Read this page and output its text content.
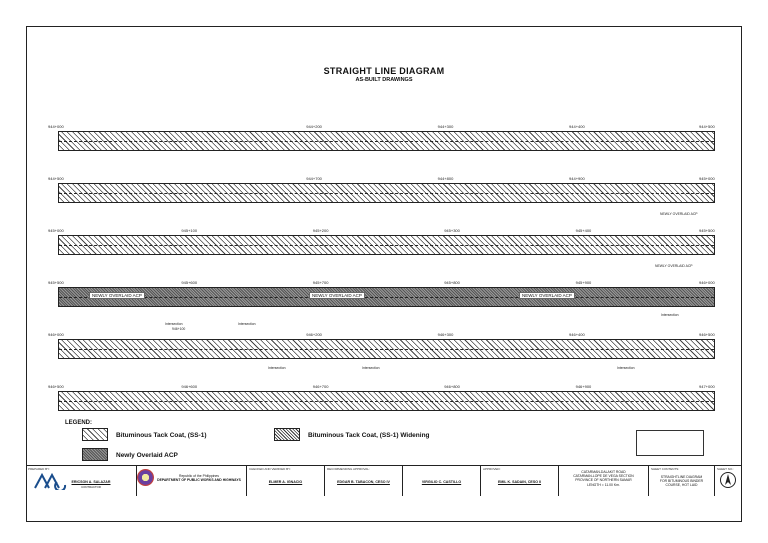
STRAIGHT LINE DIAGRAM
AS-BUILT DRAWINGS
944+000	944+200	944+300	944+400	944+500
944+500	944+700	944+800	944+900	945+000
945+000	945+100	945+200	945+300	945+400	945+500
NEWLY OVERLAID ACP	NEWLY OVERLAID ACP	NEWLY OVERLAID ACP
945+500	945+600	945+700	945+800	945+900	946+000
946+000	946+200	946+300	946+400	946+500
946+500	946+600	946+700	946+800	946+900	947+000
Intersection
946+100
Intersection
Intersection	Intersection	Intersection
Intersection
NEWLY OVERLAID ACP
NEWLY OVERLAID ACP
LEGEND:
Bituminous Tack Coat, (SS-1)	Bituminous Tack Coat, (SS-1) Widening
Newly Overlaid ACP
PREPARED BY:
ERICSON A. SALAZAR
CONTRACTOR
Republic of the Philippines
DEPARTMENT OF PUBLIC WORKS AND HIGHWAYS
CHECKED AND VERIFIED BY:
ELMER A. IGNACIO
RECOMMENDING APPROVAL:
EDGAR B. TABACON, CESO IV	VIRGILIO C. CASTILLO
APPROVED:
EMIL K. SADAIN, CESO II
CATARMAN-DALAKIT ROAD
CATARMAN-LOPE DE VEGA SECTION
PROVINCE OF NORTHERN SAMAR
LENGTH = 11.00 Km.
SHEET CONTENTS:
STRAIGHTLINE DIAGRAM
FOR BITUMINOUS BINDER
COURSE, HOT LAID
SHEET NO.:
